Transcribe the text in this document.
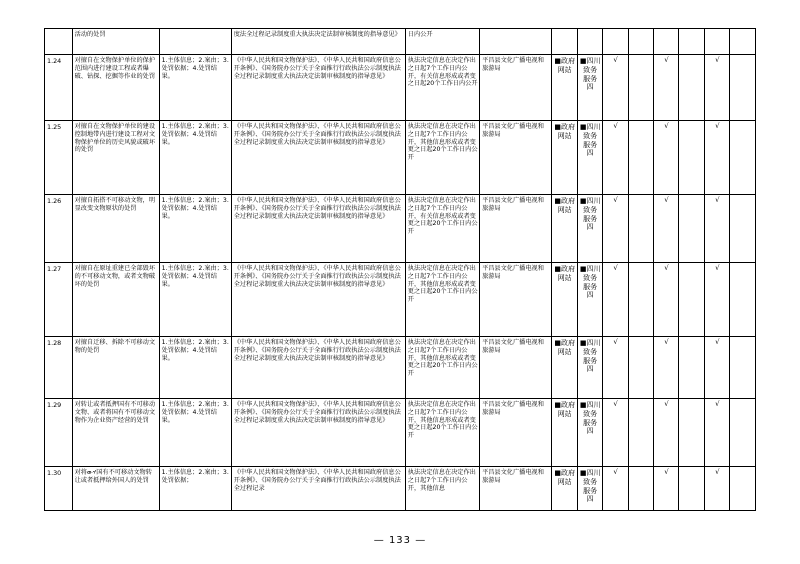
	活动的处罚		度法全过程记录制度重大执法决定法制审核制度的指导意见》	日内公开									
1.24	对擅自在文物保护单位的保护范围内进行建设工程或者爆破、钻探、挖掘等作业的处罚	1.主体信息；2.案由；3.处罚依据；4.处罚结果。	《中华人民共和国文物保护法》、《中华人民共和国政府信息公开条例》、《国务院办公厅关于全面推行行政执法公示制度执法全过程记录制度重大执法决定法制审核制度的指导意见》	执法决定信息在决定作出之日起7个工作日内公开，有关信息形成或者变之日起20个工作日内公开	平昌县文化广播电视和旅游局	■政府网站	■四川致务服务四	√		√		√	
1.25	对擅自在文物保护单位的建设控制地带内进行建设工程对文物保护单位的历史风貌或破坏的处罚	1.主体信息；2.案由；3.处罚依据；4.处罚结果。	《中华人民共和国文物保护法》、《中华人民共和国政府信息公开条例》、《国务院办公厅关于全面推行行政执法公示制度执法全过程记录制度重大执法决定法制审核制度的指导意见》	执法决定信息在决定作出之日起7个工作日内公开，其他信息形成或者变更之日起20个工作日内公开	平昌县文化广播电视和旅游局	■政府网站	■四川致务服务四	√		√		√	
1.26	对擅自拓搭不可移动文物，明显改变文物原状的处罚	1.主体信息；2.案由；3.处罚依据；4.处罚结果。	《中华人民共和国文物保护法》、《中华人民共和国政府信息公开条例》、《国务院办公厅关于全面推行行政执法公示制度执法全过程记录制度重大执法决定法制审核制度的指导意见》	执法决定信息在决定作出之日起7个工作日内公开，有关信息形成或者变更之日起20个工作日内公开	平昌县文化广播电视和旅游局	■政府网站	■四川致务服务四	√		√		√	
1.27	对擅自在原址重建已全部毁坏的不可移动文物，或者文物破坏的处罚	1.主体信息；2.案由；3.处罚依据；4.处罚结果。	《中华人民共和国文物保护法》、《中华人民共和国政府信息公开条例》、《国务院办公厅关于全面推行行政执法公示制度执法全过程记录制度重大执法决定法制审核制度的指导意见》	执法决定信息在决定作出之日起7个工作日内公开，其他信息形成或者变更之日起20个工作日内公开	平昌县文化广播电视和旅游局	■政府网站	■四川致务服务四	√		√		√	
1.28	对擅自迁移、拆除不可移动文物的处罚	1.主体信息；2.案由；3.处罚依据；4.处罚结果。	《中华人民共和国文物保护法》、《中华人民共和国政府信息公开条例》、《国务院办公厅关于全面推行行政执法公示制度执法全过程记录制度重大执法决定法制审核制度的指导意见》	执法决定信息在决定作出之日起7个工作日内公开，其他信息形成或者变更之日起20个工作日内公开	平昌县文化广播电视和旅游局	■政府网站	■四川致务服务四	√		√		√	
1.29	对转让或者抵押国有不可移动文物、或者将国有不可移动文物作为企业资产经营的处罚	1.主体信息；2.案由；3.处罚依据；4.处罚结果。	《中华人民共和国文物保护法》、《中华人民共和国政府信息公开条例》、《国务院办公厅关于全面推行行政执法公示制度执法全过程记录制度重大执法决定法制审核制度的指导意见》	执法决定信息在决定作出之日起7个工作日内公开，其他信息形成或者变更之日起20个工作日内公开	平昌县文化广播电视和旅游局	■政府网站	■四川致务服务四	√		√		√	
1.30	对将ውሃ国有不可移动文物转让或者抵押给外国人的处罚	1.主体信息；2.案由；3.处罚依据；	《中华人民共和国文物保护法》、《中华人民共和国政府信息公开条例》、《国务院办公厅关于全面推行行政执法公示制度执法全过程记录	执法决定信息在决定作出之日起7个工作日内公开，其他信息	平昌县文化广播电视和旅游局	■政府网站	■四川致务服务四	√		√		√	
— 133 —
